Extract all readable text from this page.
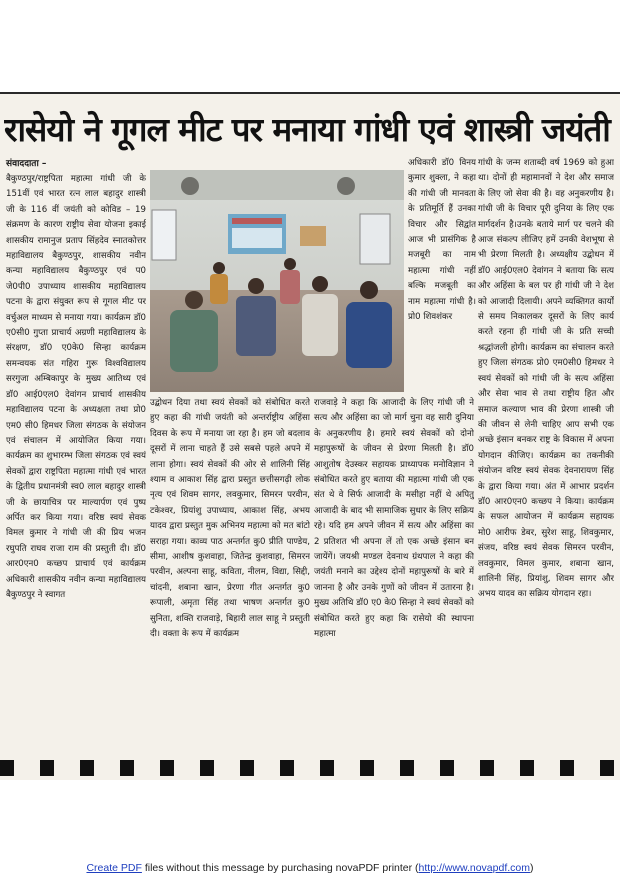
रासेयो ने गूगल मीट पर मनाया गांधी एवं शास्त्री जयंती
संवाददाता –
बैकुण्ठपुर/राष्ट्रपिता महात्मा गांधी जी के 151वीं एवं भारत रत्न लाल बहादुर शास्त्री जी के 116 वीं जयंती को कोविड – 19 संक्रमण के कारण राष्ट्रीय सेवा योजना इकाई शासकीय रामानुज प्रताप सिंहदेव स्नातकोत्तर महाविद्यालय बैकुण्ठपुर, शासकीय नवीन कन्या महाविद्यालय बैकुण्ठपुर एवं प0 जे0पी0 उपाध्याय शासकीय महाविद्यालय पटना के द्वारा संयुक्त रूप से गूगल मीट पर वर्चुअल माध्यम से मनाया गया। कार्यक्रम डॉ0 ए0सी0 गुप्ता प्राचार्य अग्रणी महाविद्यालय के संरक्षण, डॉ0 ए0के0 सिन्हा कार्यक्रम समन्वयक संत गहिरा गुरू विश्वविद्यालय सरगुजा अम्बिकापुर के मुख्य आतिथ्य एवं डॉ0 आई0एल0 देवांगन प्राचार्य शासकीय महाविद्यालय पटना के अध्यक्षता तथा प्रो0 एम0 सी0 हिमधर जिला संगठक के संयोजन एवं संचालन में आयोजित किया गया। कार्यक्रम का शुभारम्भ जिला संगठक एवं स्वयं सेवकों द्वारा राष्ट्रपिता महात्मा गांधी एवं भारत के द्वितीय प्रधानमंत्री स्व0 लाल बहादुर शास्त्री जी के छायाचित्र पर माल्यार्पण एवं पुष्प अर्पित कर किया गया। वरिष्ठ स्वयं सेवक विमल कुमार ने गांधी जी की प्रिय भजन रघुपति राघव राजा राम की प्रस्तुती दी। डॉ0 आर0एन0 कच्छप प्राचार्य एवं कार्यक्रम अधिकारी शासकीय नवीन कन्या महाविद्यालय बैकुण्ठपुर ने स्वागत
अधिकारी डॉ0 विनय कुमार शुक्ला, ने कहा की गांधी जी मानवता के प्रतिमूर्ति हैं उनका विचार और सिद्वांत आज भी प्रासंगिक है मजबूरी का नाम महात्मा गांधी नहीं बल्कि मजबूती का नाम महात्मा गांधी है। प्रो0 शिवशंकर
गांधी के जन्म शताब्दी वर्ष 1969 को हुआ था। दोनों ही महामानवों ने देश और समाज के लिए जो सेवा की है। वह अनुकरणीय है। गांधी जी के विचार पूरी दुनिया के लिए एक मार्गदर्शन है।उनके बताये मार्ग पर चलने की आज संकल्प लीजिए हमें उनकी वेशभूषा से भी प्रेरणा मिलती है। अध्यक्षीय उद्बोधन में डॉ0 आई0एल0 देवांगन ने बताया कि सत्य और अहिंसा के बल पर ही गांधी जी ने देश को आजादी दिलायी। अपने व्यक्तिगत कार्यों से समय निकालकर दूसरों के लिए कार्य करते रहना ही गांधी जी के प्रति सच्ची श्रद्धांजली होगी। कार्यक्रम का संचालन करते हुए जिला संगठक प्रो0 एम0सी0 हिमधर ने स्वयं सेवकों को गांधी जी के सत्य अहिंसा और सेवा भाव से तथा राष्ट्रीय हित और समाज कल्याण भाव की प्रेरणा शास्त्री जी की जीवन से लेनी चाहिए आप सभी एक अच्छे इंसान बनकर राष्ट्र के विकास में अपना योगदान कीजिए। कार्यक्रम का तकनीकी संयोजन वरिष्ट स्वयं सेवक देवनारायण सिंह के द्वारा किया गया। अंत में आभार प्रदर्शन डॉ0 आर0एन0 कच्छप ने किया। कार्यक्रम के सफल आयोजन में कार्यक्रम सहायक मो0 आरीफ डेबर, सुरेश साहू, शिवकुमार, संजय, वरिष्ठ स्वयं सेवक सिमरन परवीन, लवकुमार, विमल कुमार, शबाना खान, शालिनी सिंह, प्रियांशु, शिवम सागर और अभय यादव का सक्रिय योगदान रहा।
उद्बोधन दिया तथा स्वयं सेवकों को संबोधित करते हुए कहा की गांधी जयंती को अन्तर्राष्ट्रीय अहिंसा दिवस के रूप में मनाया जा रहा है। हम जो बदलाव दूसरों में लाना चाहते हैं उसे सबसे पहले अपने में लाना होगा। स्वयं सेवकों की ओर से शालिनी सिंह श्याम व आकाश सिंह द्वारा प्रस्तुत छत्तीसगढ़ी लोक नृत्य एवं शिवम सागर, लवकुमार, सिमरन परवीन, टकेश्वर, प्रियांशु उपाध्याय, आकाश सिंह, अभय यादव द्वारा प्रस्तुत मुक अभिनय महात्मा को मत बांटो सराहा गया। काव्य पाठ अन्तर्गत कु0 प्रीति पाण्डेय, सीमा, आशीष कुशवाहा, जितेन्द्र कुशवाहा, सिमरन परवीन, अल्पना साहू, कविता, नीलम, विद्या, सिद्दी, चांदनी, शबाना खान, प्रेरणा गीत अन्तर्गत कु0 रूपाली, अमृता सिंह तथा भाषण अन्तर्गत कु0 सुनिता, शक्ति राजवाड़े, बिहारी लाल साहू ने प्रस्तुती दी। वक्ता के रूप में कार्यक्रम
राजवाड़े ने कहा कि आजादी के लिए गांधी जी ने सत्य और अहिंसा का जो मार्ग चुना वह सारी दुनिया के अनुकरणीय है। हमारे स्वयं सेवकों को दोनो महापुरूषों के जीवन से प्रेरणा मिलती है। डॉ0 आशुतोष देउस्कर सहायक प्राध्यापक मनोविज्ञान ने संबोधित करते हुए बताया की महात्मा गांधी जी एक संत थे वे सिर्फ आजादी के मसीहा नहीं थे अपितु आजादी के बाद भी सामाजिक सुधार के लिए सक्रिय रहे। यदि हम अपने जीवन में सत्य और अहिंसा का 2 प्रतिशत भी अपना लें तो एक अच्छे इंसान बन जायेंगें। जयश्री मण्डल देवनाथ ग्रंथपाल ने कहा की जयंती मनाने का उद्देश्य दोनों महापुरूषों के बारे में जानना है और उनके गुणों को जीवन में उतारना है। मुख्य अतिथि डॉ0 ए0 के0 सिन्हा ने स्वयं सेवकों को संबोधित करते हुए कहा कि रासेयो की स्थापना महात्मा
Create PDF files without this message by purchasing novaPDF printer (http://www.novapdf.com)
